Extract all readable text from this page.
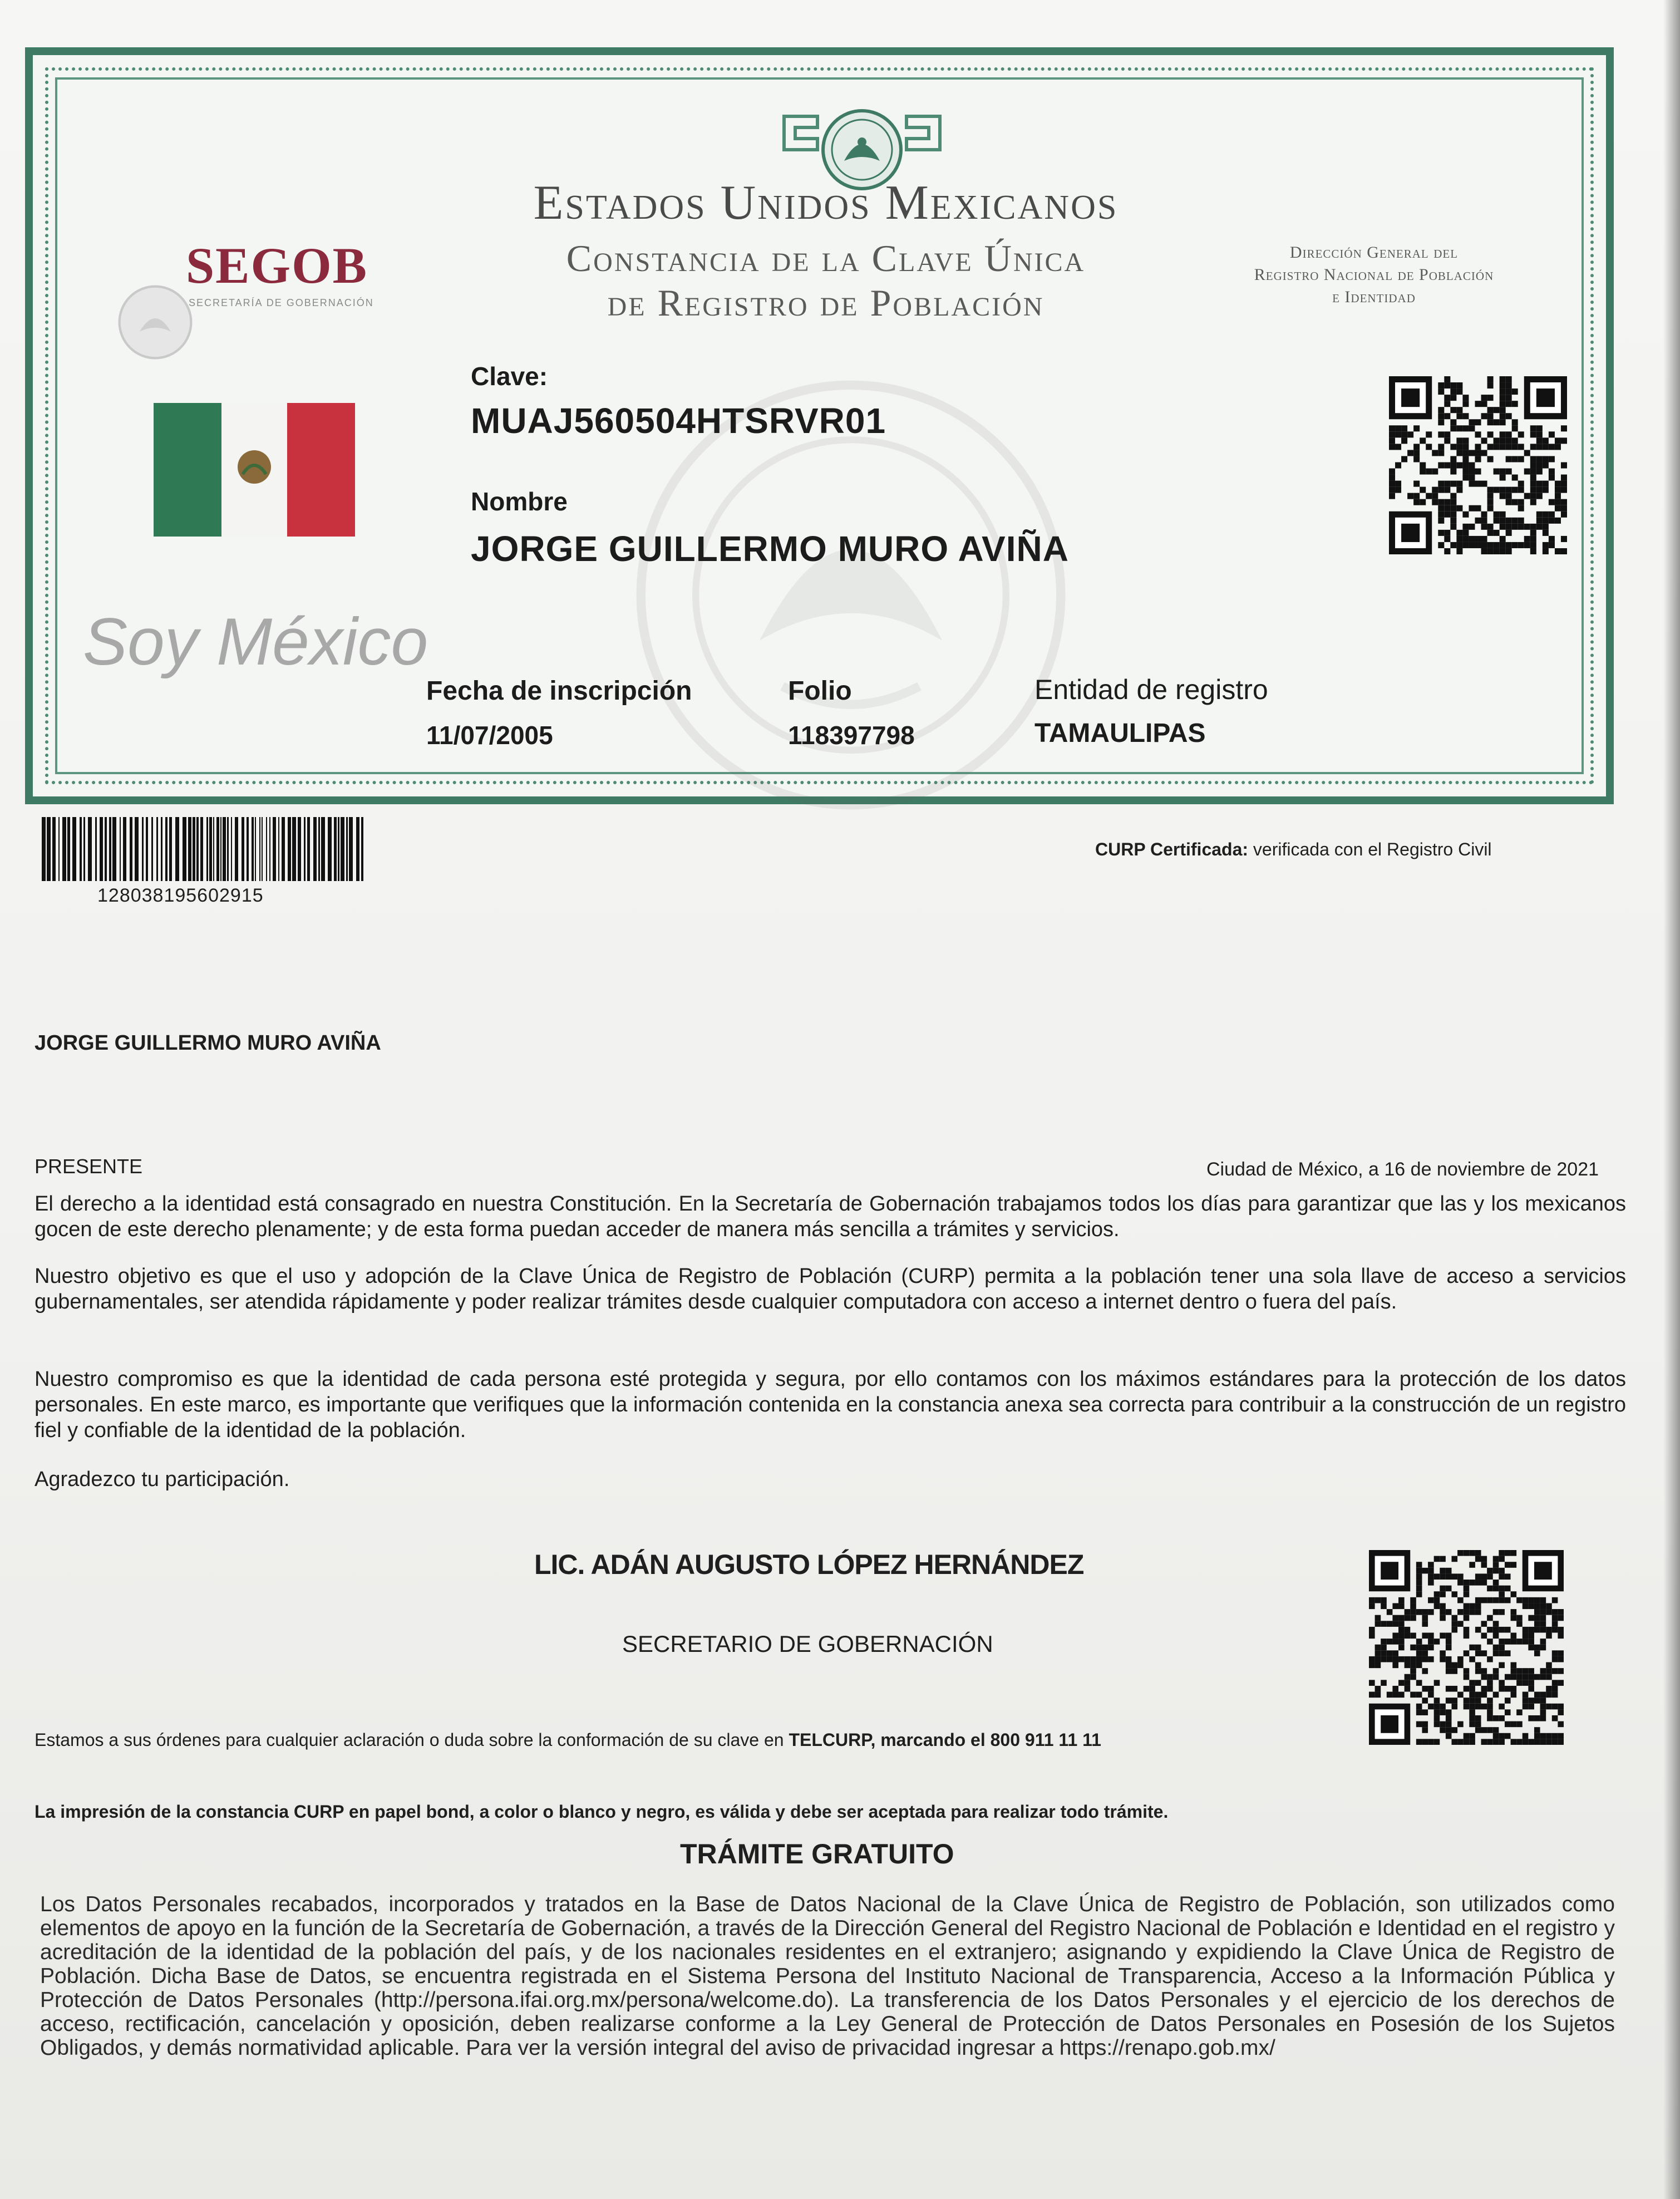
SEGOB
SECRETARÍA DE GOBERNACIÓN
Estados Unidos Mexicanos
Constancia de la Clave Única
de Registro de Población
Dirección General del
Registro Nacional de Población
e Identidad
Soy México
Clave:
MUAJ560504HTSRVR01
Nombre
JORGE GUILLERMO MURO AVIÑA
Fecha de inscripción
11/07/2005
Folio
118397798
Entidad de registro
TAMAULIPAS
128038195602915
CURP Certificada: verificada con el Registro Civil
JORGE GUILLERMO MURO AVIÑA
PRESENTE	Ciudad de México, a 16 de noviembre de 2021
El derecho a la identidad está consagrado en nuestra Constitución. En la Secretaría de Gobernación trabajamos todos los días para garantizar que las y los mexicanos gocen de este derecho plenamente; y de esta forma puedan acceder de manera más sencilla a trámites y servicios.
Nuestro objetivo es que el uso y adopción de la Clave Única de Registro de Población (CURP) permita a la población tener una sola llave de acceso a servicios gubernamentales, ser atendida rápidamente y poder realizar trámites desde cualquier computadora con acceso a internet dentro o fuera del país.
Nuestro compromiso es que la identidad de cada persona esté protegida y segura, por ello contamos con los máximos estándares para la protección de los datos personales. En este marco, es importante que verifiques que la información contenida en la constancia anexa sea correcta para contribuir a la construcción de un registro fiel y confiable de la identidad de la población.
Agradezco tu participación.
LIC. ADÁN AUGUSTO LÓPEZ HERNÁNDEZ
SECRETARIO DE GOBERNACIÓN
Estamos a sus órdenes para cualquier aclaración o duda sobre la conformación de su clave en TELCURP, marcando el 800 911 11 11
La impresión de la constancia CURP en papel bond, a color o blanco y negro, es válida y debe ser aceptada para realizar todo trámite.
TRÁMITE GRATUITO
Los Datos Personales recabados, incorporados y tratados en la Base de Datos Nacional de la Clave Única de Registro de Población, son utilizados como elementos de apoyo en la función de la Secretaría de Gobernación, a través de la Dirección General del Registro Nacional de Población e Identidad en el registro y acreditación de la identidad de la población del país, y de los nacionales residentes en el extranjero; asignando y expidiendo la Clave Única de Registro de Población. Dicha Base de Datos, se encuentra registrada en el Sistema Persona del Instituto Nacional de Transparencia, Acceso a la Información Pública y Protección de Datos Personales (http://persona.ifai.org.mx/persona/welcome.do). La transferencia de los Datos Personales y el ejercicio de los derechos de acceso, rectificación, cancelación y oposición, deben realizarse conforme a la Ley General de Protección de Datos Personales en Posesión de los Sujetos Obligados, y demás normatividad aplicable. Para ver la versión integral del aviso de privacidad ingresar a https://renapo.gob.mx/
